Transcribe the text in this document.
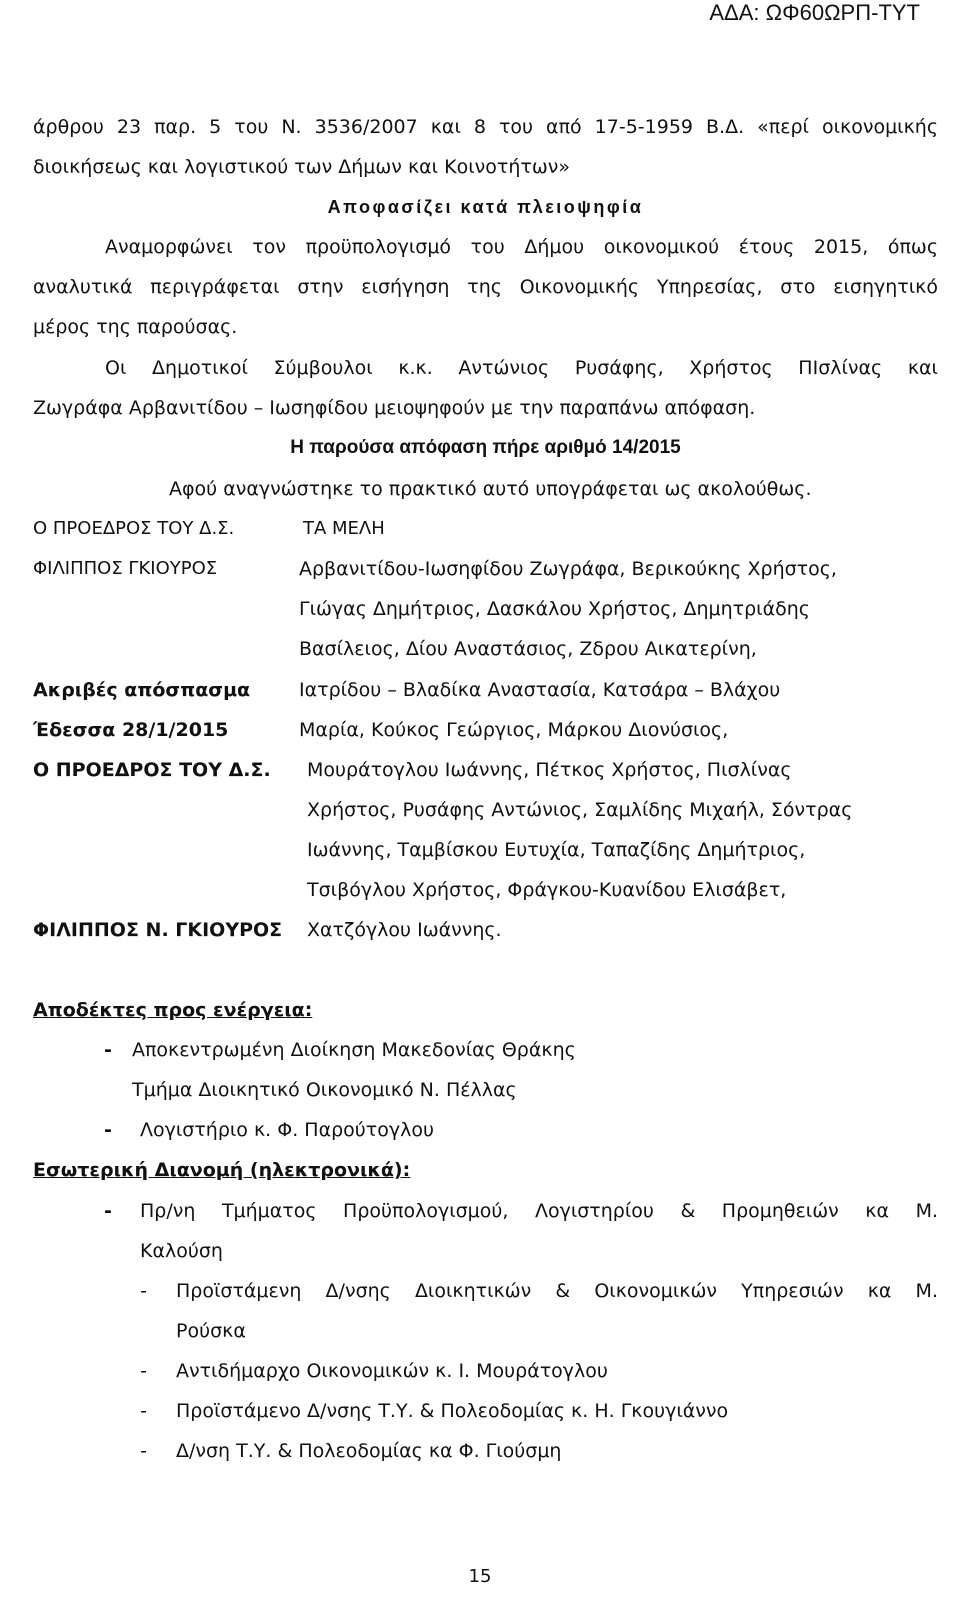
ΑΔΑ: ΩΦ60ΩΡΠ-ΤΥΤ

άρθρου 23 παρ. 5 του Ν. 3536/2007 και 8 του από 17-5-1959 Β.Δ. «περί οικονομικής

διοικήσεως και λογιστικού των Δήμων και Κοινοτήτων»

Αποφασίζει κατά πλειοψηφία

Αναμορφώνει τον προϋπολογισμό του Δήμου οικονομικού έτους 2015, όπως

αναλυτικά περιγράφεται στην εισήγηση της Οικονομικής Υπηρεσίας, στο εισηγητικό

μέρος της παρούσας.

Οι Δημοτικοί Σύμβουλοι κ.κ. Αντώνιος Ρυσάφης, Χρήστος ΠΙσλίνας και

Ζωγράφα Αρβανιτίδου – Ιωσηφίδου μειοψηφούν με την παραπάνω απόφαση.

Η παρούσα απόφαση πήρε αριθμό 14/2015

Αφού αναγνώστηκε το πρακτικό αυτό υπογράφεται ως ακολούθως.

Ο ΠΡΟΕΔΡΟΣ ΤΟΥ Δ.Σ.

ΦΙΛΙΠΠΟΣ ΓΚΙΟΥΡΟΣ

Ακριβές απόσπασμα

Έδεσσα 28/1/2015

Ο ΠΡΟΕΔΡΟΣ ΤΟΥ Δ.Σ.

ΦΙΛΙΠΠΟΣ Ν. ΓΚΙΟΥΡΟΣ

ΤΑ ΜΕΛΗ

Αρβανιτίδου-Ιωσηφίδου Ζωγράφα, Βερικούκης Χρήστος,

Γιώγας Δημήτριος, Δασκάλου Χρήστος, Δημητριάδης

Βασίλειος, Δίου Αναστάσιος, Ζδρου Αικατερίνη,

Ιατρίδου – Βλαδίκα Αναστασία, Κατσάρα – Βλάχου

Μαρία, Κούκος Γεώργιος, Μάρκου Διονύσιος,

Μουράτογλου Ιωάννης, Πέτκος Χρήστος, Πισλίνας

Χρήστος, Ρυσάφης Αντώνιος, Σαμλίδης Μιχαήλ, Σόντρας

Ιωάννης, Ταμβίσκου Ευτυχία, Ταπαζίδης Δημήτριος,

Τσιβόγλου Χρήστος, Φράγκου-Κυανίδου Ελισάβετ,

Χατζόγλου Ιωάννης.

Αποδέκτες προς ενέργεια:

- Αποκεντρωμένη Διοίκηση Μακεδονίας Θράκης

Τμήμα Διοικητικό Οικονομικό Ν. Πέλλας

- Λογιστήριο κ. Φ. Παρούτογλου

Εσωτερική Διανομή (ηλεκτρονικά):

- Πρ/νη Τμήματος Προϋπολογισμού, Λογιστηρίου & Προμηθειών κα Μ.

Καλούση

- Προϊστάμενη Δ/νσης Διοικητικών & Οικονομικών Υπηρεσιών κα Μ.

Ρούσκα

- Αντιδήμαρχο Οικονομικών κ. Ι. Μουράτογλου

- Προϊστάμενο Δ/νσης Τ.Υ. & Πολεοδομίας κ. Η. Γκουγιάννο

- Δ/νση Τ.Υ. & Πολεοδομίας κα Φ. Γιούσμη

15
